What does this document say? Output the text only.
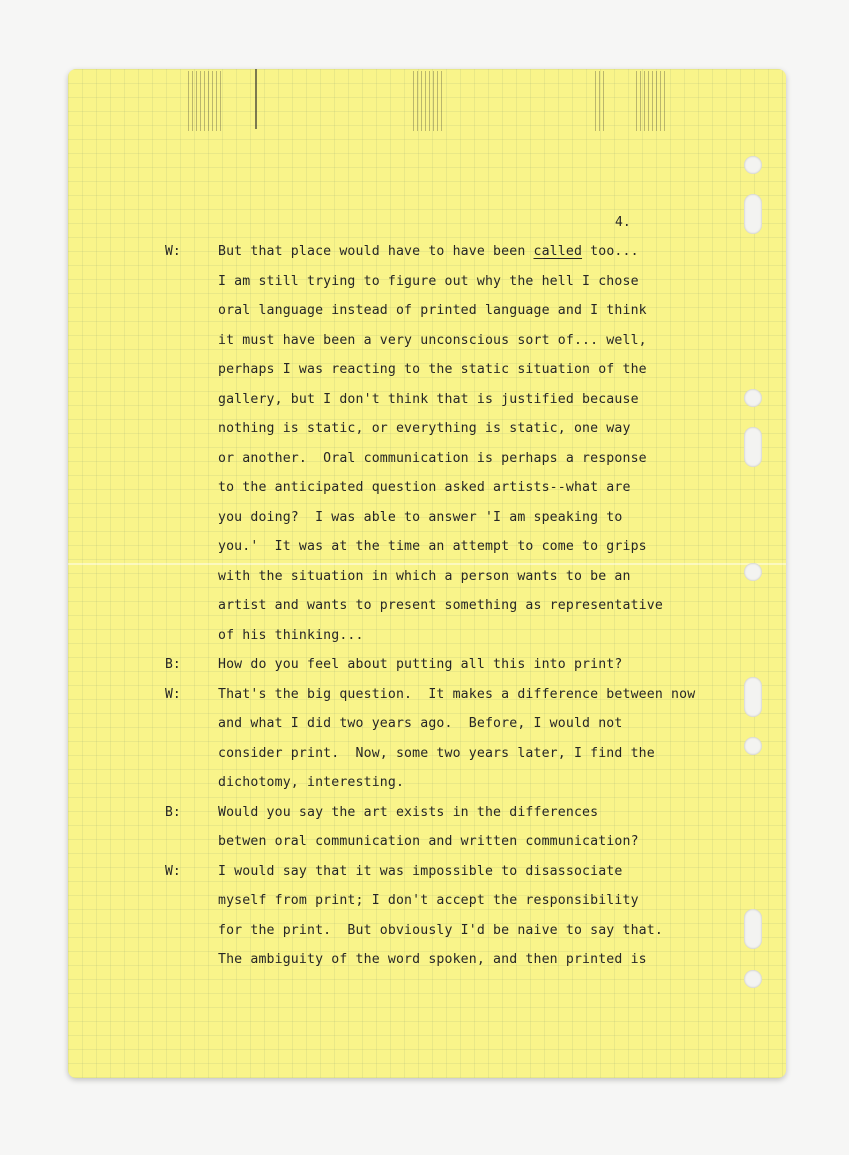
4.
W:	But that place would have to have been called too...
I am still trying to figure out why the hell I chose
oral language instead of printed language and I think
it must have been a very unconscious sort of... well,
perhaps I was reacting to the static situation of the
gallery, but I don't think that is justified because
nothing is static, or everything is static, one way
or another.  Oral communication is perhaps a response
to the anticipated question asked artists--what are
you doing?  I was able to answer 'I am speaking to
you.'  It was at the time an attempt to come to grips
with the situation in which a person wants to be an
artist and wants to present something as representative
of his thinking...
B:	How do you feel about putting all this into print?
W:	That's the big question.  It makes a difference between now
and what I did two years ago.  Before, I would not
consider print.  Now, some two years later, I find the
dichotomy, interesting.
B:	Would you say the art exists in the differences
betwen oral communication and written communication?
W:	I would say that it was impossible to disassociate
myself from print; I don't accept the responsibility
for the print.  But obviously I'd be naive to say that.
The ambiguity of the word spoken, and then printed is
